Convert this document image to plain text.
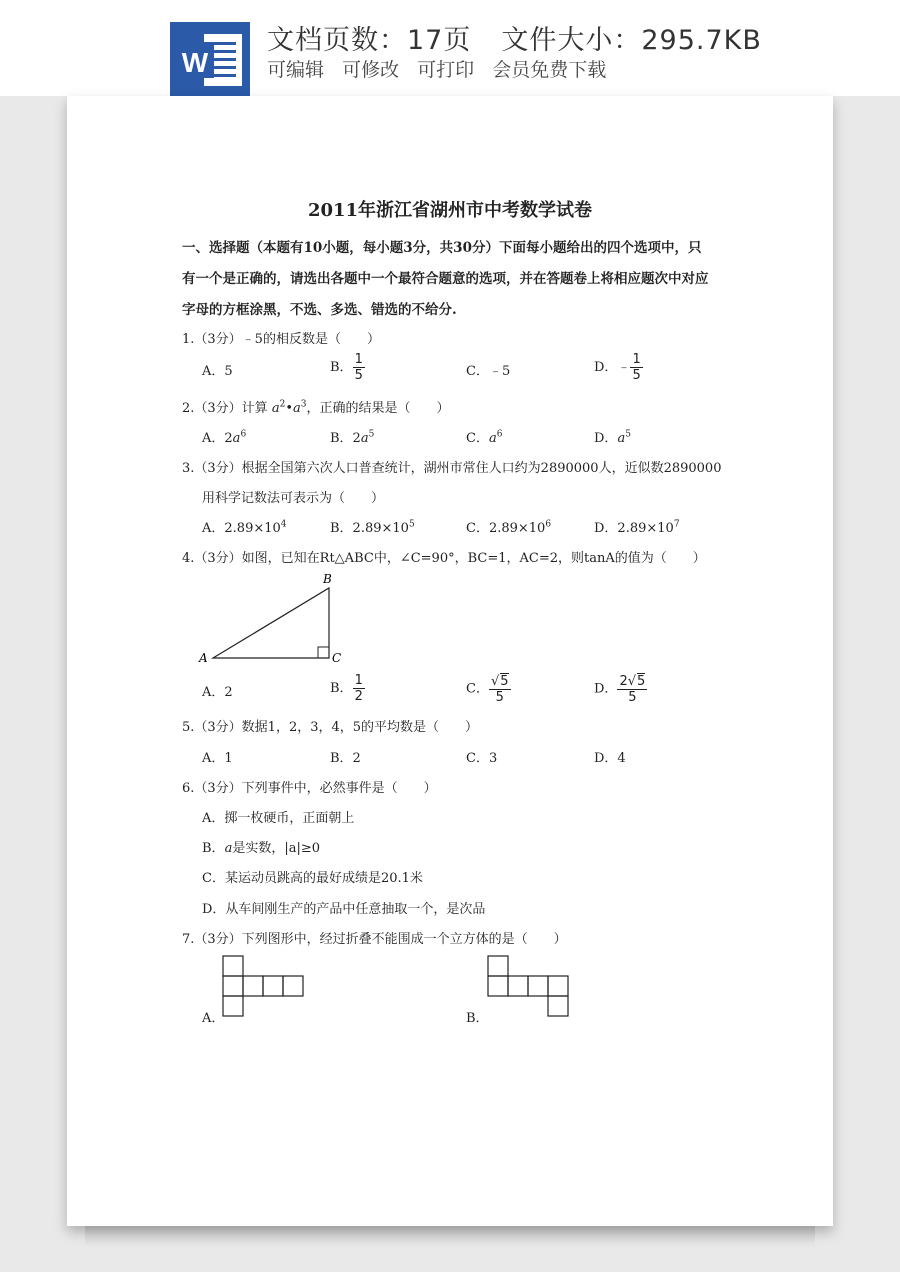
W
文档页数：17页 文件大小：295.7KB
可编辑 可修改 可打印 会员免费下载
2011年浙江省湖州市中考数学试卷
一、选择题（本题有10小题，每小题3分，共30分）下面每小题给出的四个选项中，只
有一个是正确的，请选出各题中一个最符合题意的选项，并在答题卷上将相应题次中对应
字母的方框涂黑，不选、多选、错选的不给分.
1.（3分）﹣5的相反数是（　　）
A．5	B． $\frac{1}{5}$	C．﹣5	D．﹣ $\frac{1}{5}$
2.（3分）计算 $a^2•a^3$，正确的结果是（　　）
A．$2a^6$	B．$2a^5$	C．$a^6$	D．$a^5$
3.（3分）根据全国第六次人口普查统计，湖州市常住人口约为2890000人，近似数2890000
用科学记数法可表示为（　　）
A．$2.89\times 10^4$	B．$2.89\times 10^5$	C．$2.89\times 10^6$	D．$2.89\times 10^7$
4.（3分）如图，已知在Rt△ABC中，∠C=90°，BC=1，AC=2，则tanA的值为（　　）
A
B
C
A．2	B． $\frac{1}{2}$	C． $\frac{√5}{5}$	D． $\frac{2√5}{5}$
5.（3分）数据1，2，3，4，5的平均数是（　　）
A．1	B．2	C．3	D．4
6.（3分）下列事件中，必然事件是（　　）
A．掷一枚硬币，正面朝上
B．a是实数，|a|≥0
C．某运动员跳高的最好成绩是20.1米
D．从车间刚生产的产品中任意抽取一个，是次品
7.（3分）下列图形中，经过折叠不能围成一个立方体的是（　　）
A．	B．
